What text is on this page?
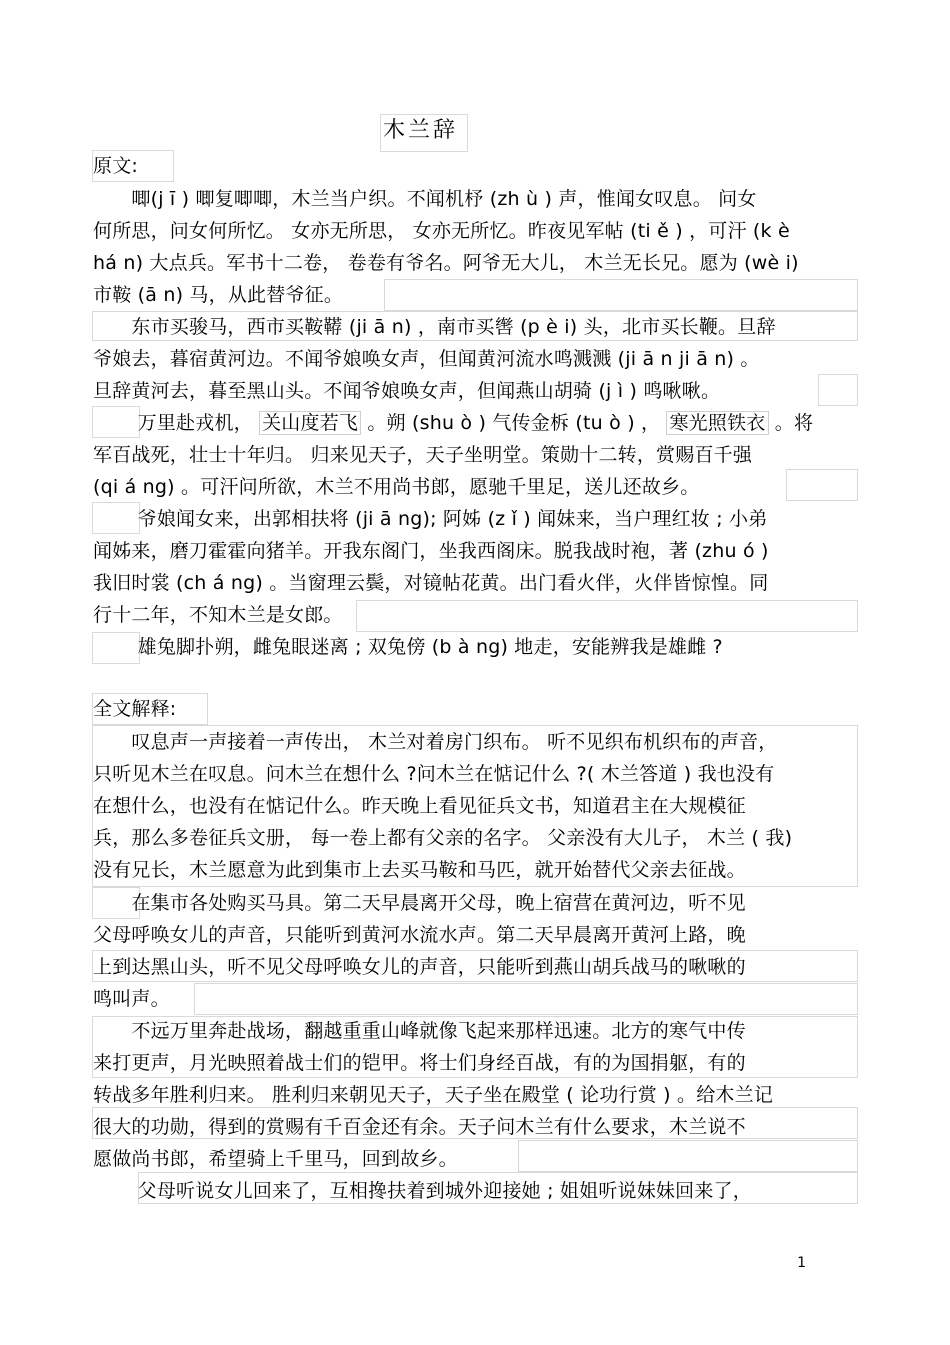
木兰辞
原文:
　　唧(j ī ) 唧复唧唧，木兰当户织。不闻机杼 (zh ù ) 声，惟闻女叹息。 问女
何所思，问女何所忆。 女亦无所思， 女亦无所忆。昨夜见军帖 (ti ě ) ，可汗 (k è
há n) 大点兵。军书十二卷， 卷卷有爷名。阿爷无大儿， 木兰无长兄。愿为 (wè i)
市鞍 (ā n) 马，从此替爷征。
　　东市买骏马，西市买鞍鞯 (ji ā n) ，南市买辔 (p è i) 头，北市买长鞭。旦辞
爷娘去，暮宿黄河边。不闻爷娘唤女声，但闻黄河流水鸣溅溅 (ji ā n ji ā n) 。
旦辞黄河去，暮至黑山头。不闻爷娘唤女声，但闻燕山胡骑 (j ì ) 鸣啾啾。
　　 万里赴戎机， 关山度若飞 。朔 (shu ò ) 气传金柝 (tu ò ) ， 寒光照铁衣 。将
军百战死，壮士十年归。 归来见天子，天子坐明堂。策勋十二转，赏赐百千强
(qi á ng) 。可汗问所欲，木兰不用尚书郎，愿驰千里足，送儿还故乡。
　　 爷娘闻女来，出郭相扶将 (ji ā ng); 阿姊 (z ǐ ) 闻妹来，当户理红妆 ; 小弟
闻姊来，磨刀霍霍向猪羊。开我东阁门，坐我西阁床。脱我战时袍，著 (zhu ó )
我旧时裳 (ch á ng) 。当窗理云鬓，对镜帖花黄。出门看火伴，火伴皆惊惶。同
行十二年，不知木兰是女郎。
　　 雄兔脚扑朔，雌兔眼迷离 ; 双兔傍 (b à ng) 地走，安能辨我是雄雌 ?
全文解释:
　　叹息声一声接着一声传出， 木兰对着房门织布。 听不见织布机织布的声音，
只听见木兰在叹息。问木兰在想什么 ?问木兰在惦记什么 ?( 木兰答道 ) 我也没有
在想什么，也没有在惦记什么。昨天晚上看见征兵文书，知道君主在大规模征
兵，那么多卷征兵文册， 每一卷上都有父亲的名字。 父亲没有大儿子， 木兰 ( 我)
没有兄长，木兰愿意为此到集市上去买马鞍和马匹，就开始替代父亲去征战。
　　在集市各处购买马具。第二天早晨离开父母，晚上宿营在黄河边，听不见
父母呼唤女儿的声音，只能听到黄河水流水声。第二天早晨离开黄河上路，晚
上到达黑山头，听不见父母呼唤女儿的声音，只能听到燕山胡兵战马的啾啾的
鸣叫声。
　　不远万里奔赴战场，翻越重重山峰就像飞起来那样迅速。北方的寒气中传
来打更声，月光映照着战士们的铠甲。将士们身经百战，有的为国捐躯，有的
转战多年胜利归来。 胜利归来朝见天子，天子坐在殿堂 ( 论功行赏 ) 。给木兰记
很大的功勋，得到的赏赐有千百金还有余。天子问木兰有什么要求，木兰说不
愿做尚书郎，希望骑上千里马，回到故乡。
　　 父母听说女儿回来了，互相搀扶着到城外迎接她 ; 姐姐听说妹妹回来了，
1
